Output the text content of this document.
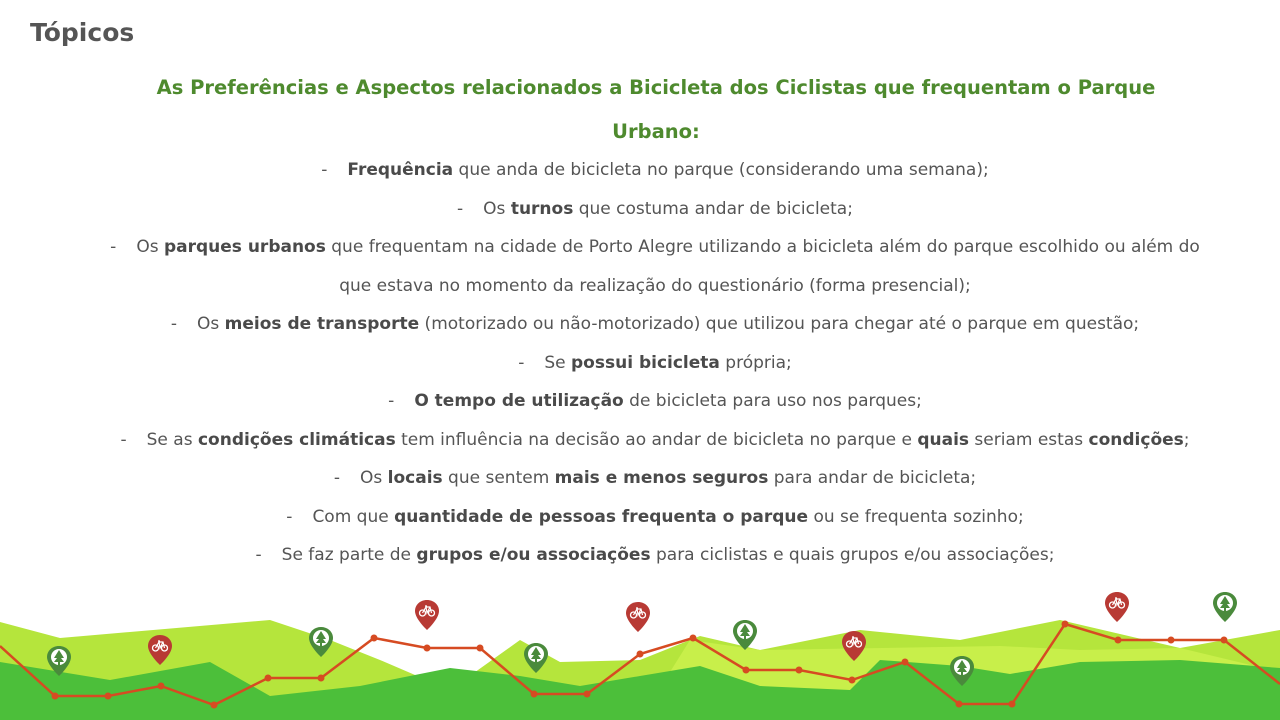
Tópicos
As Preferências e Aspectos relacionados a Bicicleta dos Ciclistas que frequentam o Parque Urbano:
- Frequência que anda de bicicleta no parque (considerando uma semana);
- Os turnos que costuma andar de bicicleta;
- Os parques urbanos que frequentam na cidade de Porto Alegre utilizando a bicicleta além do parque escolhido ou além do que estava no momento da realização do questionário (forma presencial);
- Os meios de transporte (motorizado ou não-motorizado) que utilizou para chegar até o parque em questão;
- Se possui bicicleta própria;
- O tempo de utilização de bicicleta para uso nos parques;
- Se as condições climáticas tem influência na decisão ao andar de bicicleta no parque e quais seriam estas condições;
- Os locais que sentem mais e menos seguros para andar de bicicleta;
- Com que quantidade de pessoas frequenta o parque ou se frequenta sozinho;
- Se faz parte de grupos e/ou associações para ciclistas e quais grupos e/ou associações;
